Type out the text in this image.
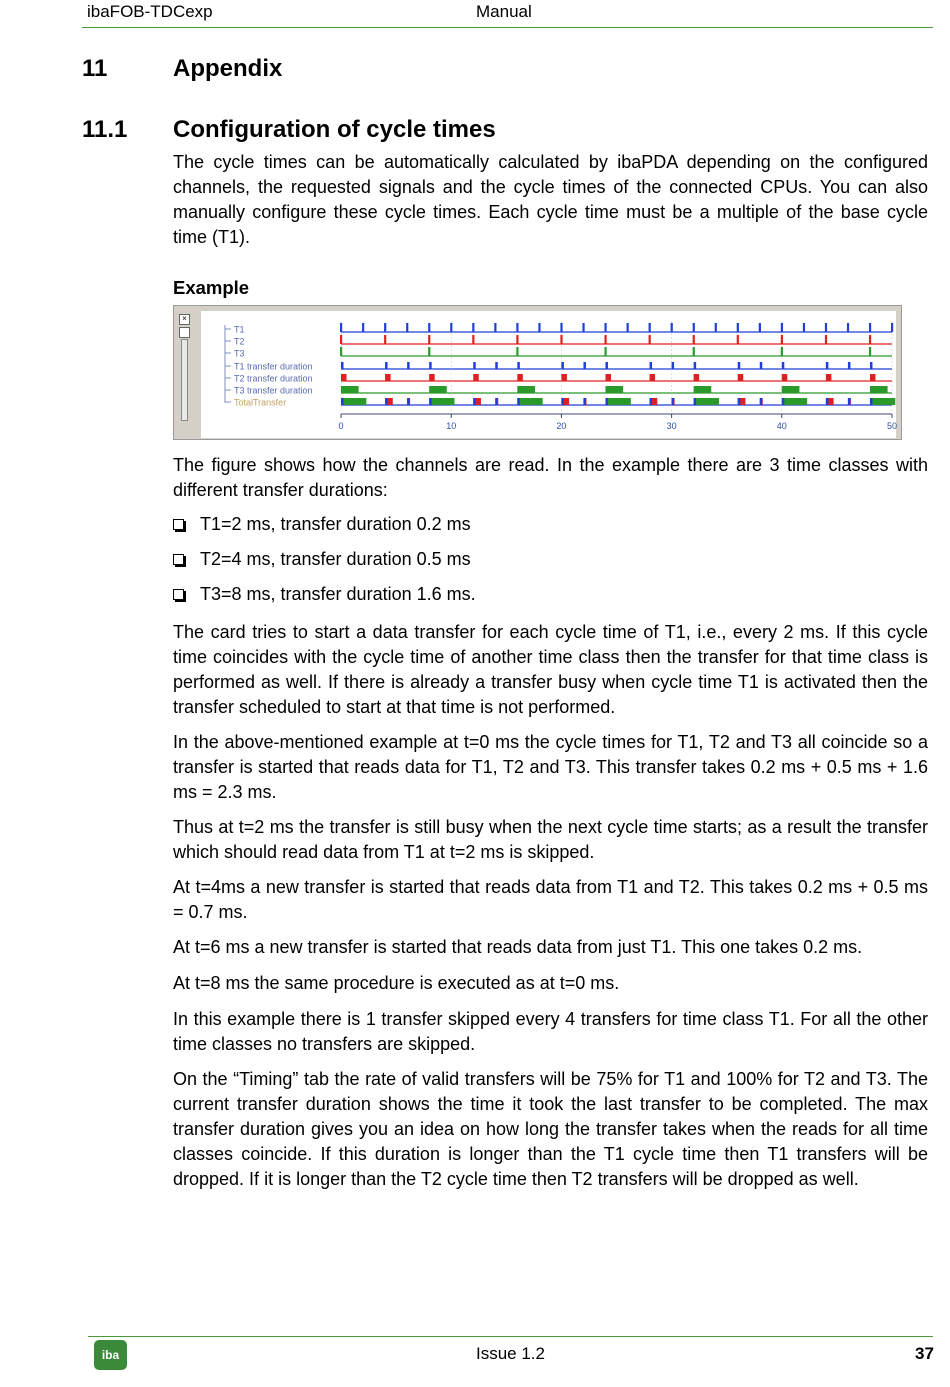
ibaFOB-TDCexp	Manual
11	Appendix
11.1 Configuration of cycle times
The cycle times can be automatically calculated by ibaPDA depending on the configured channels, the requested signals and the cycle times of the connected CPUs. You can also manually configure these cycle times. Each cycle time must be a multiple of the base cycle time (T1).
Example
T1
T2
T3
T1 transfer duration
T2 transfer duration
T3 transfer duration
TotalTransfer
0	10	20	30	40	50
×
The figure shows how the channels are read. In the example there are 3 time classes with different transfer durations:
T1=2 ms, transfer duration 0.2 ms
T2=4 ms, transfer duration 0.5 ms
T3=8 ms, transfer duration 1.6 ms.
The card tries to start a data transfer for each cycle time of T1, i.e., every 2 ms. If this cycle time coincides with the cycle time of another time class then the transfer for that time class is performed as well. If there is already a transfer busy when cycle time T1 is activated then the transfer scheduled to start at that time is not performed.
In the above-mentioned example at t=0 ms the cycle times for T1, T2 and T3 all coincide so a transfer is started that reads data for T1, T2 and T3. This transfer takes 0.2 ms + 0.5 ms + 1.6 ms = 2.3 ms.
Thus at t=2 ms the transfer is still busy when the next cycle time starts; as a result the transfer which should read data from T1 at t=2 ms is skipped.
At t=4ms a new transfer is started that reads data from T1 and T2. This takes 0.2 ms + 0.5 ms = 0.7 ms.
At t=6 ms a new transfer is started that reads data from just T1. This one takes 0.2 ms.
At t=8 ms the same procedure is executed as at t=0 ms.
In this example there is 1 transfer skipped every 4 transfers for time class T1. For all the other time classes no transfers are skipped.
On the “Timing” tab the rate of valid transfers will be 75% for T1 and 100% for T2 and T3. The current transfer duration shows the time it took the last transfer to be completed. The max transfer duration gives you an idea on how long the transfer takes when the reads for all time classes coincide. If this duration is longer than the T1 cycle time then T1 transfers will be dropped. If it is longer than the T2 cycle time then T2 transfers will be dropped as well.
iba	Issue 1.2	37
